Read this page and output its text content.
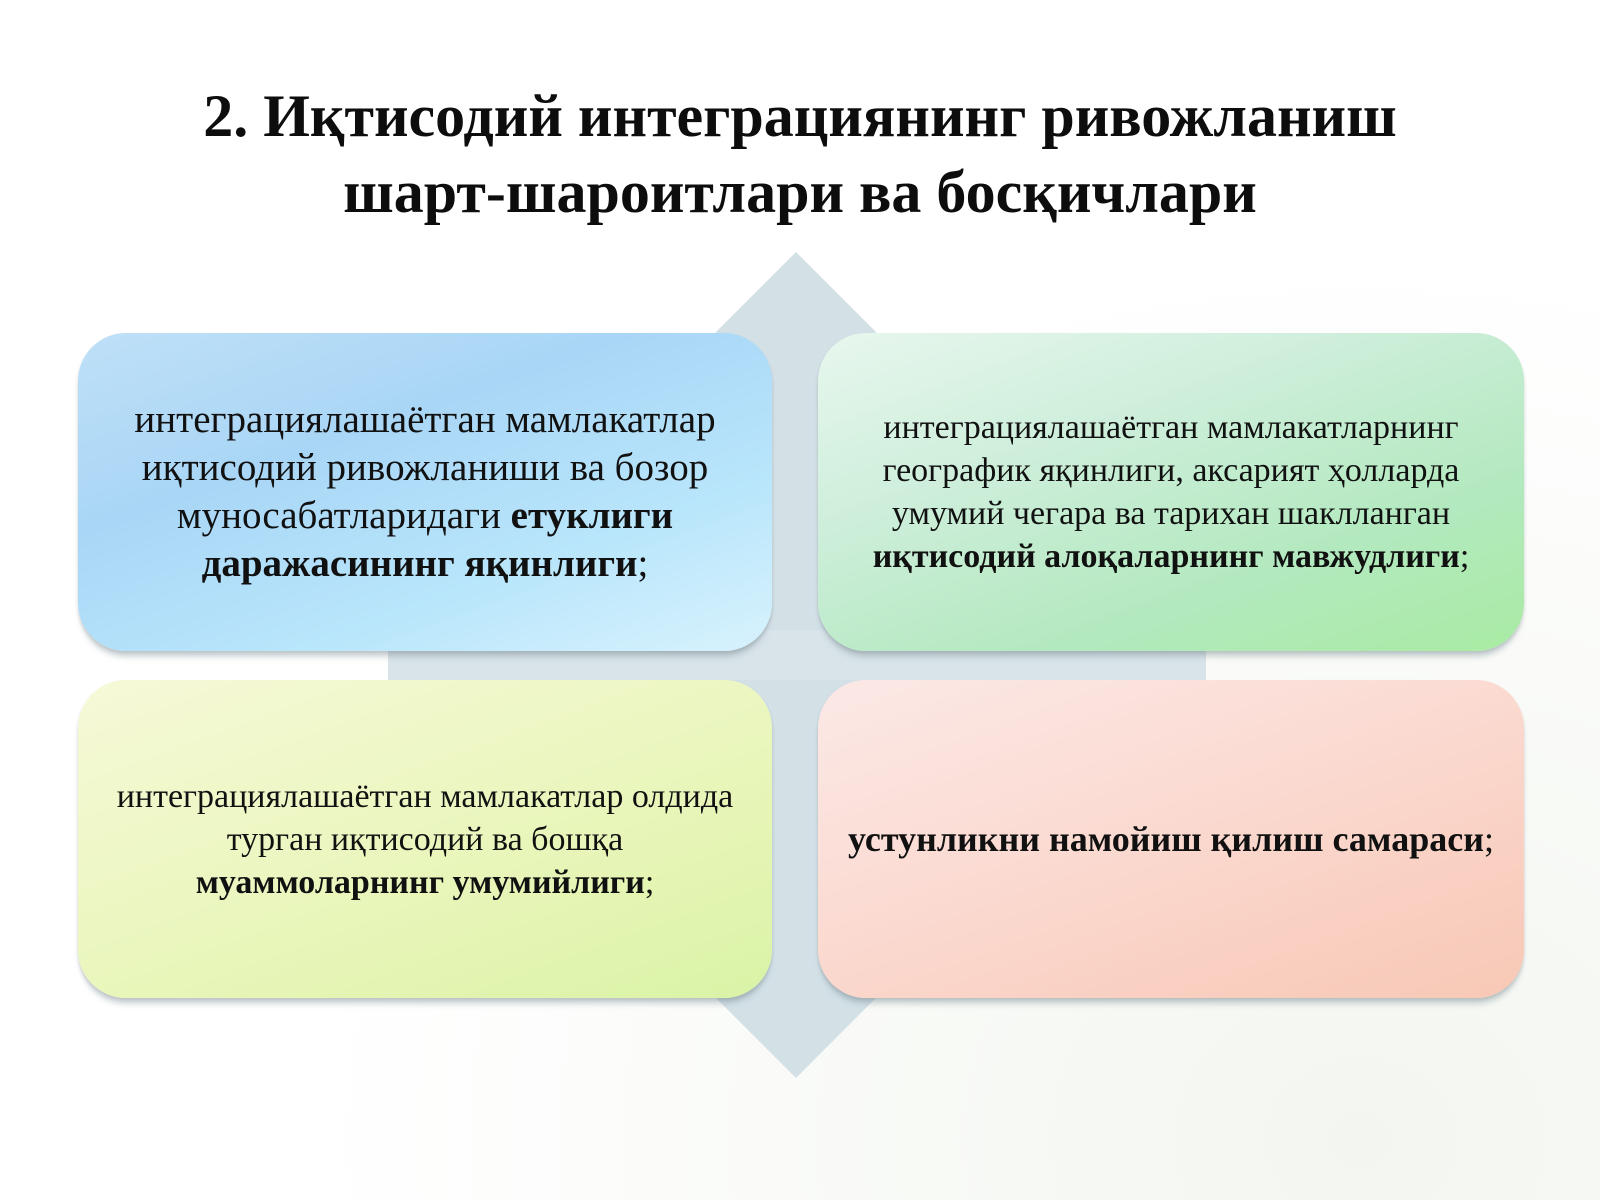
2. Иқтисодий интеграциянинг ривожланиш
шарт-шароитлари ва босқичлари

интеграциялашаётган мамлакатлар иқтисодий ривожланиши ва бозор муносабатларидаги етуклиги даражасининг яқинлиги;

интеграциялашаётган мамлакатларнинг географик яқинлиги, аксарият ҳолларда умумий чегара ва тарихан шаклланган иқтисодий алоқаларнинг мавжудлиги;

интеграциялашаётган мамлакатлар олдида турган иқтисодий ва бошқа муаммоларнинг умумийлиги;

устунликни намойиш қилиш самараси;
